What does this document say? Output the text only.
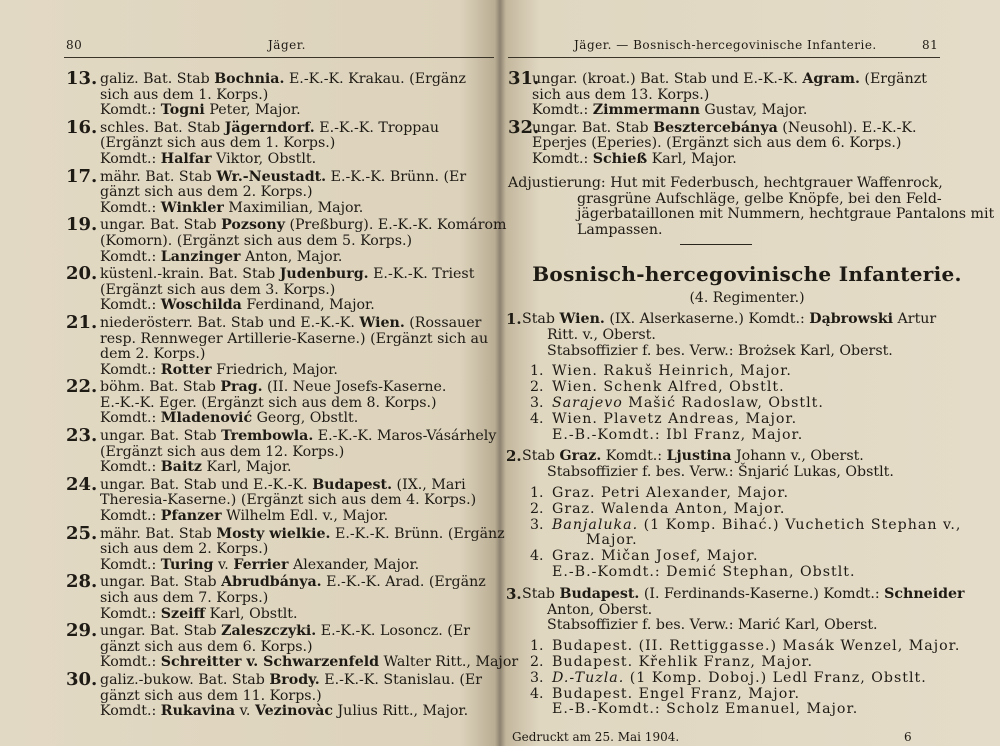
80	Jäger.
13. galiz. Bat. Stab Bochnia. E.-K.-K. Krakau. (Ergänz
sich aus dem 1. Korps.)
Komdt.: Togni Peter, Major.
16. schles. Bat. Stab Jägerndorf. E.-K.-K. Troppau
(Ergänzt sich aus dem 1. Korps.)
Komdt.: Halfar Viktor, Obstlt.
17. mähr. Bat. Stab Wr.-Neustadt. E.-K.-K. Brünn. (Er
gänzt sich aus dem 2. Korps.)
Komdt.: Winkler Maximilian, Major.
19. ungar. Bat. Stab Pozsony (Preßburg). E.-K.-K. Komárom
(Komorn). (Ergänzt sich aus dem 5. Korps.)
Komdt.: Lanzinger Anton, Major.
20. küstenl.-krain. Bat. Stab Judenburg. E.-K.-K. Triest
(Ergänzt sich aus dem 3. Korps.)
Komdt.: Woschilda Ferdinand, Major.
21. niederösterr. Bat. Stab und E.-K.-K. Wien. (Rossauer
resp. Rennweger Artillerie-Kaserne.) (Ergänzt sich au
dem 2. Korps.)
Komdt.: Rotter Friedrich, Major.
22. böhm. Bat. Stab Prag. (II. Neue Josefs-Kaserne.
E.-K.-K. Eger. (Ergänzt sich aus dem 8. Korps.)
Komdt.: Mladenović Georg, Obstlt.
23. ungar. Bat. Stab Trembowla. E.-K.-K. Maros-Vásárhely
(Ergänzt sich aus dem 12. Korps.)
Komdt.: Baitz Karl, Major.
24. ungar. Bat. Stab und E.-K.-K. Budapest. (IX., Mari
Theresia-Kaserne.) (Ergänzt sich aus dem 4. Korps.)
Komdt.: Pfanzer Wilhelm Edl. v., Major.
25. mähr. Bat. Stab Mosty wielkie. E.-K.-K. Brünn. (Ergänz
sich aus dem 2. Korps.)
Komdt.: Turing v. Ferrier Alexander, Major.
28. ungar. Bat. Stab Abrudbánya. E.-K.-K. Arad. (Ergänz
sich aus dem 7. Korps.)
Komdt.: Szeiff Karl, Obstlt.
29. ungar. Bat. Stab Zaleszczyki. E.-K.-K. Losoncz. (Er
gänzt sich aus dem 6. Korps.)
Komdt.: Schreitter v. Schwarzenfeld Walter Ritt., Major
30. galiz.-bukow. Bat. Stab Brody. E.-K.-K. Stanislau. (Er
gänzt sich aus dem 11. Korps.)
Komdt.: Rukavina v. Vezinovàc Julius Ritt., Major.
Jäger. — Bosnisch-hercegovinische Infanterie.	81
31.
ungar. (kroat.) Bat. Stab und E.-K.-K. Agram. (Ergänzt
sich aus dem 13. Korps.)
Komdt.: Zimmermann Gustav, Major.
32.
ungar. Bat. Stab Besztercebánya (Neusohl). E.-K.-K.
Eperjes (Eperies). (Ergänzt sich aus dem 6. Korps.)
Komdt.: Schieß Karl, Major.
Adjustierung: Hut mit Federbusch, hechtgrauer Waffenrock,
grasgrüne Aufschläge, gelbe Knöpfe, bei den Feld-
jägerbataillonen mit Nummern, hechtgraue Pantalons mit
Lampassen.
Bosnisch-hercegovinische Infanterie.
(4. Regimenter.)
1. Stab Wien. (IX. Alserkaserne.) Komdt.: Dąbrowski Artur
Ritt. v., Oberst.
Stabsoffizier f. bes. Verw.: Brożsek Karl, Oberst.
1. Wien. Rakuš Heinrich, Major.
2. Wien. Schenk Alfred, Obstlt.
3. Sarajevo Mašić Radoslaw, Obstlt.
4. Wien. Plavetz Andreas, Major.
E.-B.-Komdt.: Ibl Franz, Major.
2. Stab Graz. Komdt.: Ljustina Johann v., Oberst.
Stabsoffizier f. bes. Verw.: Šnjarić Lukas, Obstlt.
1. Graz. Petri Alexander, Major.
2. Graz. Walenda Anton, Major.
3. Banjaluka. (1 Komp. Bihać.) Vuchetich Stephan v.,
Major.
4. Graz. Mičan Josef, Major.
E.-B.-Komdt.: Demić Stephan, Obstlt.
3. Stab Budapest. (I. Ferdinands-Kaserne.) Komdt.: Schneider
Anton, Oberst.
Stabsoffizier f. bes. Verw.: Marić Karl, Oberst.
1. Budapest. (II. Rettiggasse.) Masák Wenzel, Major.
2. Budapest. Křehlik Franz, Major.
3. D.-Tuzla. (1 Komp. Doboj.) Ledl Franz, Obstlt.
4. Budapest. Engel Franz, Major.
E.-B.-Komdt.: Scholz Emanuel, Major.
Gedruckt am 25. Mai 1904.	6
